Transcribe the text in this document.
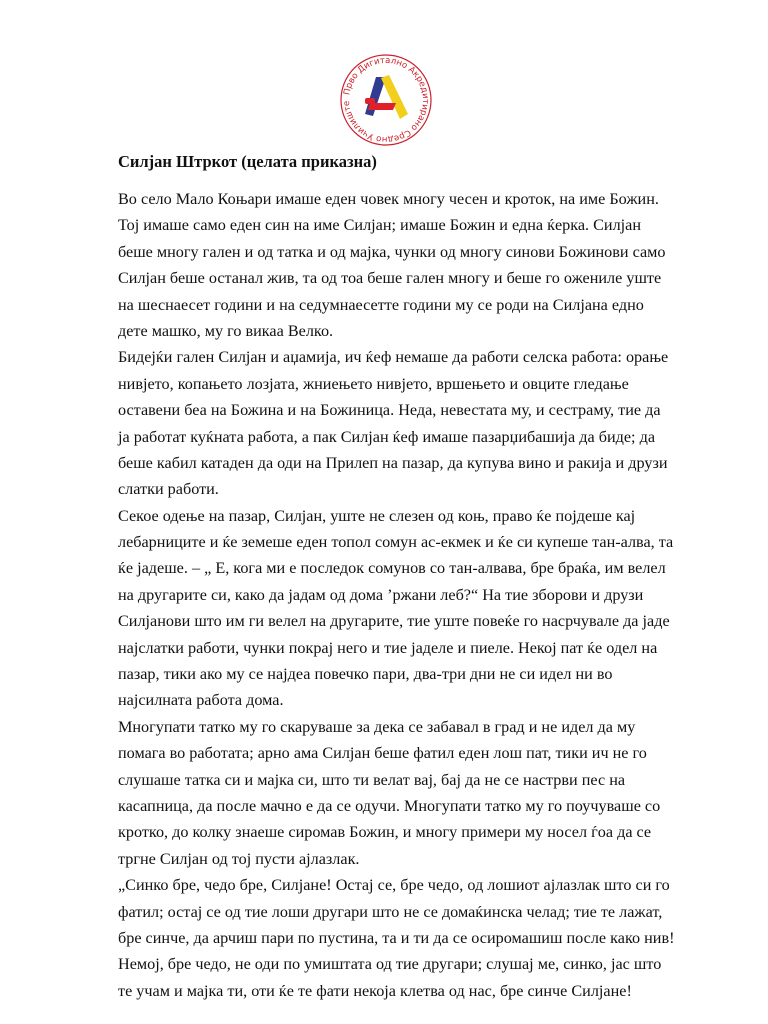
Прво Дигитално Акредитирано Средно Училиште
Силјан Штркот (целата приказна)
Во село Мало Коњари имаше еден човек многу чесен и кроток, на име Божин.
Тој имаше само еден син на име Силјан; имаше Божин и една ќерка. Силјан
беше многу гален и од татка и од мајка, чунки од многу синови Божинови само
Силјан беше останал жив, та од тоа беше гален многу и беше го ожениле уште
на шеснаесет години и на седумнаесетте години му се роди на Силјана едно
дете машко, му го викаа Велко.
Бидејќи гален Силјан и аџамија, ич ќеф немаше да работи селска работа: орање
нивјето, копањето лозјата, жниењето нивјето, вршењето и овците гледање
оставени беа на Божина и на Божиница. Неда, невестата му, и сестраму, тие да
ја работат куќната работа, а пак Силјан ќеф имаше пазарџибашија да биде; да
беше кабил катаден да оди на Прилеп на пазар, да купува вино и ракија и друзи
слатки работи.
Секое одење на пазар, Силјан, уште не слезен од коњ, право ќе појдеше кај
лебарниците и ќе земеше еден топол сомун ас-екмек и ќе си купеше тан-алва, та
ќе јадеше. – „ Е, кога ми е последок сомунов со тан-алвава, бре браќа, им велел
на другарите си, како да јадам од дома ’ржани леб?“ На тие зборови и друзи
Силјанови што им ги велел на другарите, тие уште повеќе го насрчувале да јаде
најслатки работи, чунки покрај него и тие јаделе и пиеле. Некој пат ќе одел на
пазар, тики ако му се најдеа повечко пари, два-три дни не си идел ни во
најсилната работа дома.
Многупати татко му го скаруваше за дека се забавал в град и не идел да му
помага во работата; арно ама Силјан беше фатил еден лош пат, тики ич не го
слушаше татка си и мајка си, што ти велат вај, бај да не се настрви пес на
касапница, да после мачно е да се одучи. Многупати татко му го поучуваше со
кротко, до колку знаеше сиромав Божин, и многу примери му носел ѓоа да се
тргне Силјан од тој пусти ајлазлак.
„Синко бре, чедо бре, Силјане! Остај се, бре чедо, од лошиот ајлазлак што си го
фатил; остај се од тие лоши другари што не се домаќинска челад; тие те лажат,
бре синче, да арчиш пари по пустина, та и ти да се осиромашиш после како нив!
Немој, бре чедо, не оди по умиштата од тие другари; слушај ме, синко, јас што
те учам и мајка ти, оти ќе те фати некоја клетва од нас, бре синче Силјане!
